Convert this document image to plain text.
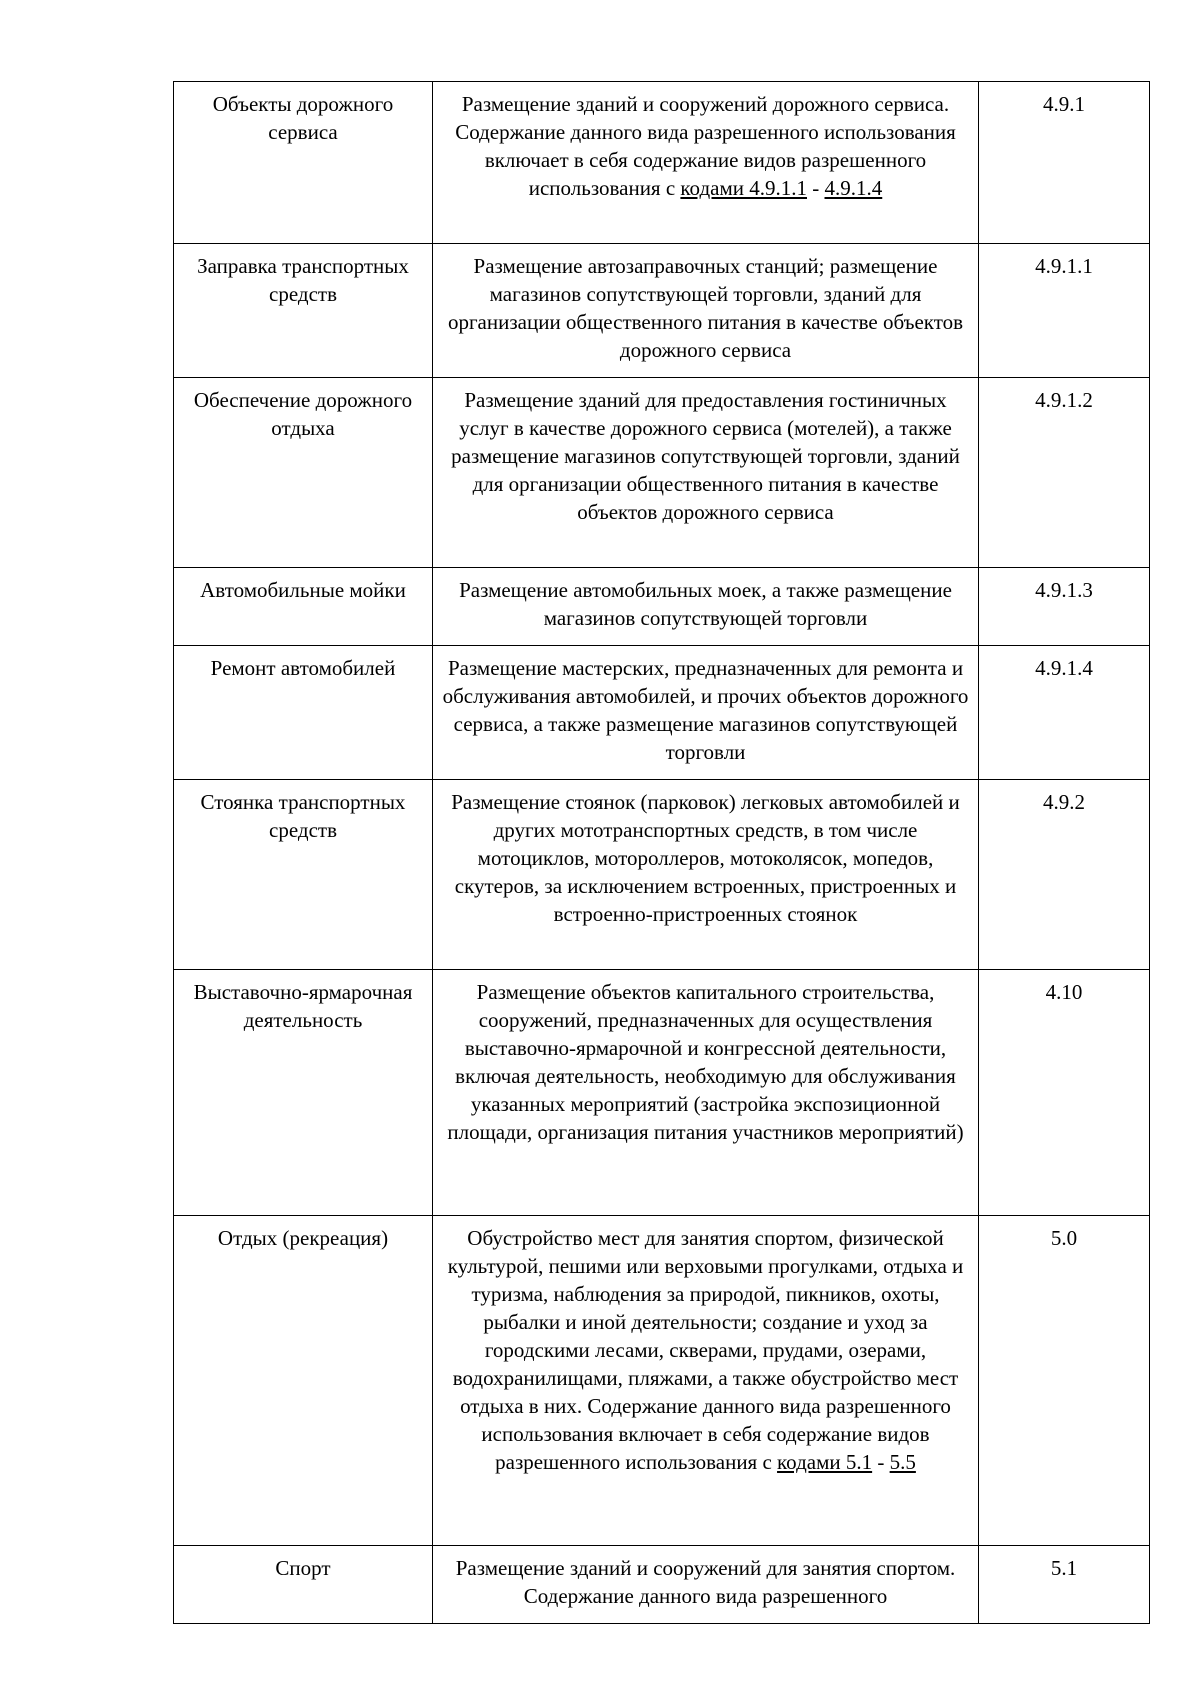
Объекты дорожного сервиса	Размещение зданий и сооружений дорожного сервиса. Содержание данного вида разрешенного использования включает в себя содержание видов разрешенного использования с кодами 4.9.1.1 - 4.9.1.4	4.9.1
Заправка транспортных средств	Размещение автозаправочных станций; размещение магазинов сопутствующей торговли, зданий для организации общественного питания в качестве объектов дорожного сервиса	4.9.1.1
Обеспечение дорожного отдыха	Размещение зданий для предоставления гостиничных услуг в качестве дорожного сервиса (мотелей), а также размещение магазинов сопутствующей торговли, зданий для организации общественного питания в качестве объектов дорожного сервиса	4.9.1.2
Автомобильные мойки	Размещение автомобильных моек, а также размещение магазинов сопутствующей торговли	4.9.1.3
Ремонт автомобилей	Размещение мастерских, предназначенных для ремонта и обслуживания автомобилей, и прочих объектов дорожного сервиса, а также размещение магазинов сопутствующей торговли	4.9.1.4
Стоянка транспортных средств	Размещение стоянок (парковок) легковых автомобилей и других мототранспортных средств, в том числе мотоциклов, мотороллеров, мотоколясок, мопедов, скутеров, за исключением встроенных, пристроенных и встроенно-пристроенных стоянок	4.9.2
Выставочно-ярмарочная деятельность	Размещение объектов капитального строительства, сооружений, предназначенных для осуществления выставочно-ярмарочной и конгрессной деятельности, включая деятельность, необходимую для обслуживания указанных мероприятий (застройка экспозиционной площади, организация питания участников мероприятий)	4.10
Отдых (рекреация)	Обустройство мест для занятия спортом, физической культурой, пешими или верховыми прогулками, отдыха и туризма, наблюдения за природой, пикников, охоты, рыбалки и иной деятельности; создание и уход за городскими лесами, скверами, прудами, озерами, водохранилищами, пляжами, а также обустройство мест отдыха в них. Содержание данного вида разрешенного использования включает в себя содержание видов разрешенного использования с кодами 5.1 - 5.5	5.0
Спорт	Размещение зданий и сооружений для занятия спортом. Содержание данного вида разрешенного	5.1
